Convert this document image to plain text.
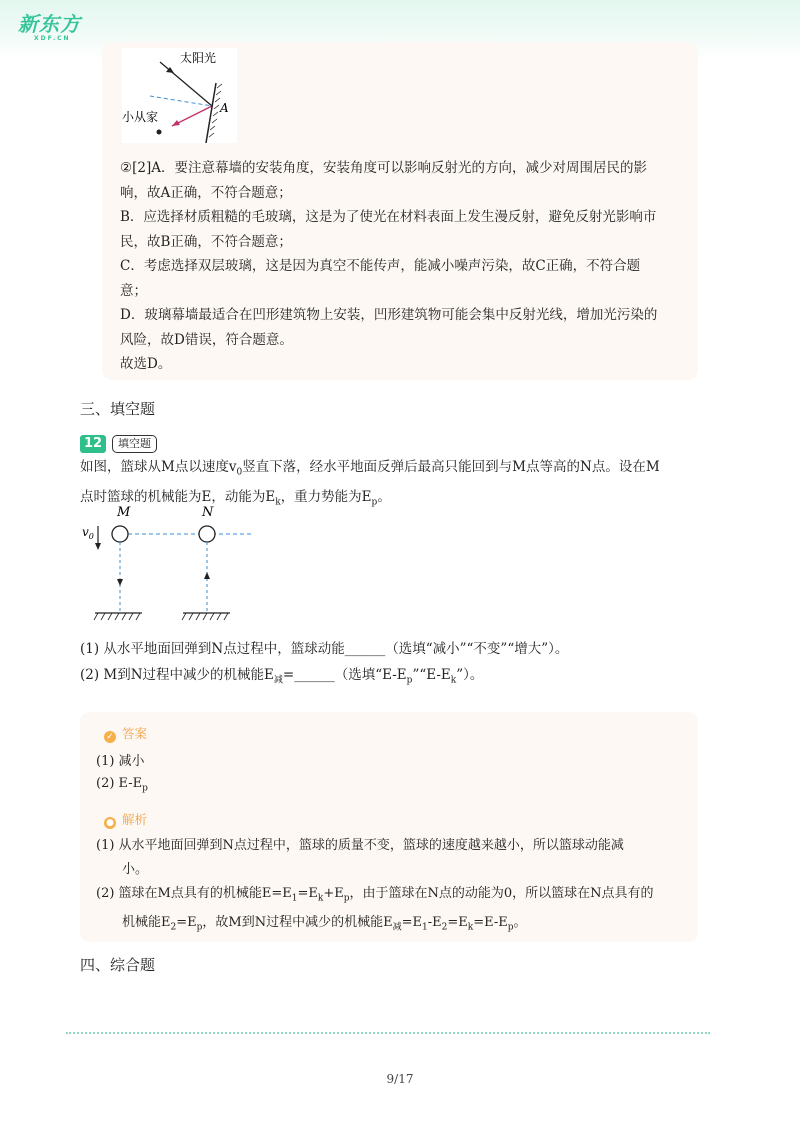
新东方
XDF.CN
太阳光
小从家
A
②[2]A．要注意幕墙的安装角度，安装角度可以影响反射光的方向，减少对周围居民的影
响，故A正确，不符合题意；
B．应选择材质粗糙的毛玻璃，这是为了使光在材料表面上发生漫反射，避免反射光影响市
民，故B正确，不符合题意；
C．考虑选择双层玻璃，这是因为真空不能传声，能减小噪声污染，故C正确，不符合题
意；
D．玻璃幕墙最适合在凹形建筑物上安装，凹形建筑物可能会集中反射光线，增加光污染的
风险，故D错误，符合题意。
故选D。
三、填空题
12	填空题
如图，篮球从M点以速度$v_0$竖直下落，经水平地面反弹后最高只能回到与M点等高的N点。设在M
点时篮球的机械能为E，动能为$E_k$，重力势能为$E_p$。
M	N
$v_0$
(1) 从水平地面回弹到N点过程中，篮球动能______（选填“减小”“不变”“增大”）。
(2) M到N过程中减少的机械能$E_减=\_\_\_\_\_\_$（选填“$E-E_p”“E-E_k$”）。
✓ 答案
(1) 减小
(2) $E-E_p$
● 解析
(1) 从水平地面回弹到N点过程中，篮球的质量不变，篮球的速度越来越小，所以篮球动能减
小。
(2) 篮球在M点具有的机械能$E=E_1=E_k+E_p$，由于篮球在N点的动能为0，所以篮球在N点具有的
机械能$E_2=E_p$，故M到N过程中减少的机械能$E_减=E_1-E_2=E_k=E-E_p$。
四、综合题
9/17
